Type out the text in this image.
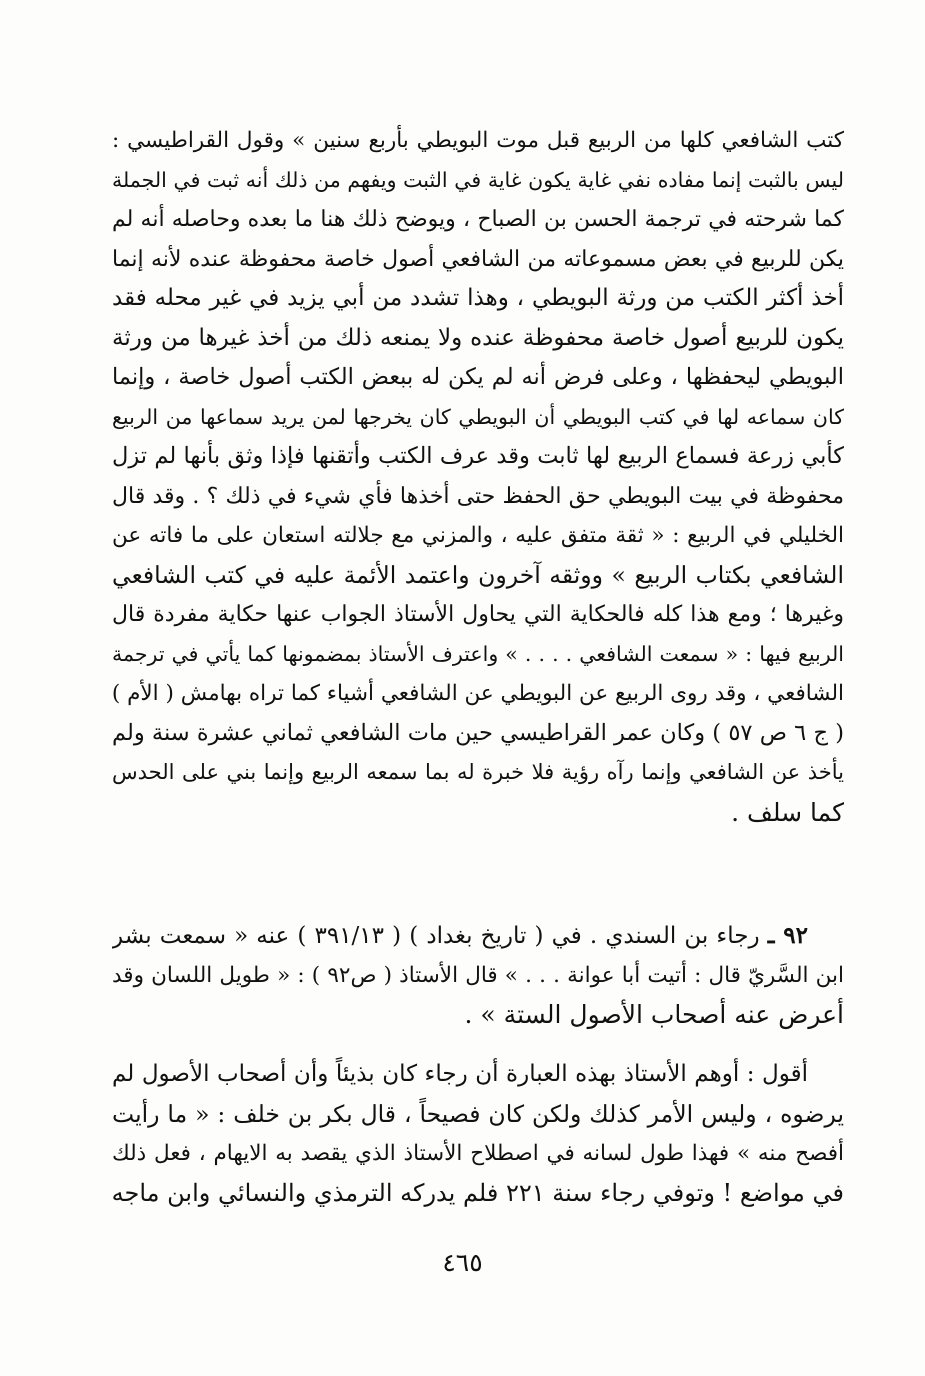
كتب الشافعي كلها من الربيع قبل موت البويطي بأربع سنين » وقول القراطيسي :
ليس بالثبت إنما مفاده نفي غاية يكون غاية في الثبت ويفهم من ذلك أنه ثبت في الجملة
كما شرحته في ترجمة الحسن بن الصباح ، ويوضح ذلك هنا ما بعده وحاصله أنه لم
يكن للربيع في بعض مسموعاته من الشافعي أصول خاصة محفوظة عنده لأنه إنما
أخذ أكثر الكتب من ورثة البويطي ، وهذا تشدد من أبي يزيد في غير محله فقد
يكون للربيع أصول خاصة محفوظة عنده ولا يمنعه ذلك من أخذ غيرها من ورثة
البويطي ليحفظها ، وعلى فرض أنه لم يكن له ببعض الكتب أصول خاصة ، وإنما
كان سماعه لها في كتب البويطي أن البويطي كان يخرجها لمن يريد سماعها من الربيع
كأبي زرعة فسماع الربيع لها ثابت وقد عرف الكتب وأتقنها فإذا وثق بأنها لم تزل
محفوظة في بيت البويطي حق الحفظ حتى أخذها فأي شيء في ذلك ؟ . وقد قال
الخليلي في الربيع : « ثقة متفق عليه ، والمزني مع جلالته استعان على ما فاته عن
الشافعي بكتاب الربيع » ووثقه آخرون واعتمد الأئمة عليه في كتب الشافعي
وغيرها ؛ ومع هذا كله فالحكاية التي يحاول الأستاذ الجواب عنها حكاية مفردة قال
الربيع فيها : « سمعت الشافعي . . . . » واعترف الأستاذ بمضمونها كما يأتي في ترجمة
الشافعي ، وقد روى الربيع عن البويطي عن الشافعي أشياء كما تراه بهامش ( الأم )
( ج ٦ ص ٥٧ ) وكان عمر القراطيسي حين مات الشافعي ثماني عشرة سنة ولم
يأخذ عن الشافعي وإنما رآه رؤية فلا خبرة له بما سمعه الربيع وإنما بني على الحدس
كما سلف .
٩٢ ـ رجاء بن السندي . في ( تاريخ بغداد ) ( ٣٩١/١٣ ) عنه « سمعت بشر
ابن السَّريّ قال : أتيت أبا عوانة . . . » قال الأستاذ ( ص٩٢ ) : « طويل اللسان وقد
أعرض عنه أصحاب الأصول الستة » .
أقول : أوهم الأستاذ بهذه العبارة أن رجاء كان بذيئاً وأن أصحاب الأصول لم
يرضوه ، وليس الأمر كذلك ولكن كان فصيحاً ، قال بكر بن خلف : « ما رأيت
أفصح منه » فهذا طول لسانه في اصطلاح الأستاذ الذي يقصد به الايهام ، فعل ذلك
في مواضع ! وتوفي رجاء سنة ٢٢١ فلم يدركه الترمذي والنسائي وابن ماجه
٤٦٥
